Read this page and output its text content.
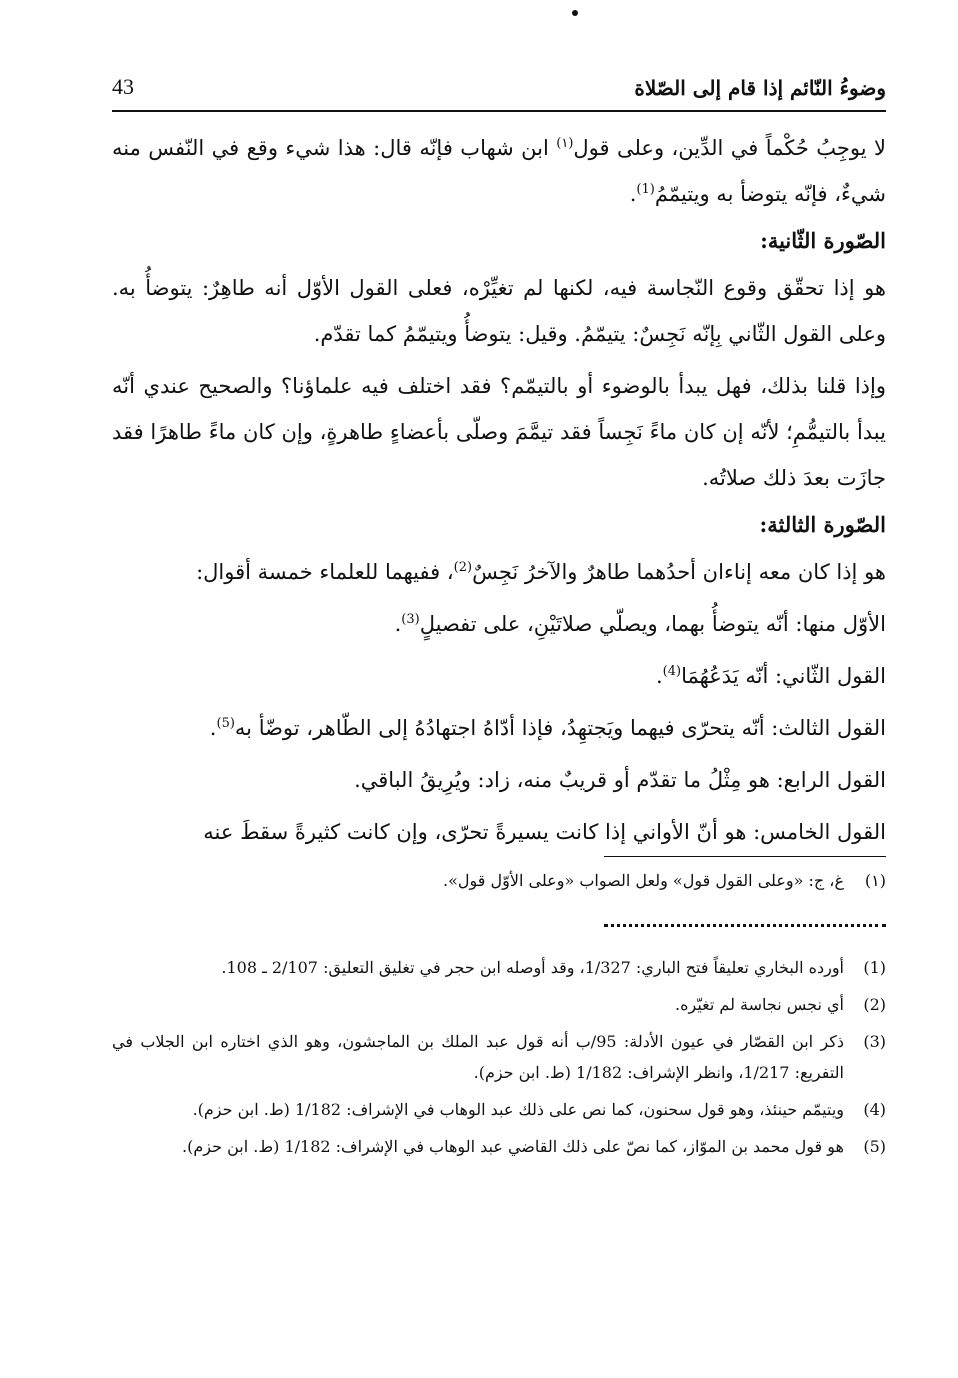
وضوءُ النّائم إذا قام إلى الصّلاة
43

لا يوجِبُ حُكْماً في الدِّين، وعلى قول$^{(١)}$ ابن شهاب فإنّه قال: هذا شيء وقع في النّفس منه شيءٌ، فإنّه يتوضأ به ويتيمّمُ$^{(1)}$.

الصّورة الثّانية:

هو إذا تحقّق وقوع النّجاسة فيه، لكنها لم تغيِّرْه، فعلى القول الأوّل أنه طاهِرٌ: يتوضأُ به. وعلى القول الثّاني بِإنّه نَجِسٌ: يتيمّمُ. وقيل: يتوضأُ ويتيمّمُ كما تقدّم.

وإذا قلنا بذلك، فهل يبدأ بالوضوء أو بالتيمّم؟ فقد اختلف فيه علماؤنا؟ والصحيح عندي أنّه يبدأ بالتيمُّمِ؛ لأنّه إن كان ماءً نَجِساً فقد تيمَّمَ وصلّى بأعضاءٍ طاهرةٍ، وإن كان ماءً طاهرًا فقد جازَت بعدَ ذلك صلاتُه.

الصّورة الثالثة:

هو إذا كان معه إناءان أحدُهما طاهرٌ والآخرُ نَجِسٌ$^{(2)}$، ففيهما للعلماء خمسة أقوال:

الأوّل منها: أنّه يتوضأُ بهما، ويصلّي صلاتَيْنِ، على تفصيلٍ$^{(3)}$.

القول الثّاني: أنّه يَدَعُهُمَا$^{(4)}$.

القول الثالث: أنّه يتحرّى فيهما ويَجتهِدُ، فإذا أدّاهُ اجتهادُهُ إلى الطّاهر، توضّأ به$^{(5)}$.

القول الرابع: هو مِثْلُ ما تقدّم أو قريبٌ منه، زاد: ويُرِيقُ الباقي.

القول الخامس: هو أنّ الأواني إذا كانت يسيرةً تحرّى، وإن كانت كثيرةً سقطَ عنه

(١)
غ، ج: «وعلى القول قول» ولعل الصواب «وعلى الأوّل قول».
(1)
أورده البخاري تعليقاً فتح الباري: 1/327، وقد أوصله ابن حجر في تغليق التعليق: 2/107 ـ 108.
(2)
أي نجس نجاسة لم تغيّره.
(3)
ذكر ابن القصّار في عيون الأدلة: 95/ب أنه قول عبد الملك بن الماجشون، وهو الذي اختاره ابن الجلاب في التفريع: 1/217، وانظر الإشراف: 1/182 (ط. ابن حزم).
(4)
ويتيمّم حينئذ، وهو قول سحنون، كما نص على ذلك عبد الوهاب في الإشراف: 1/182 (ط. ابن حزم).
(5)
هو قول محمد بن الموّاز، كما نصّ على ذلك القاضي عبد الوهاب في الإشراف: 1/182 (ط. ابن حزم).
